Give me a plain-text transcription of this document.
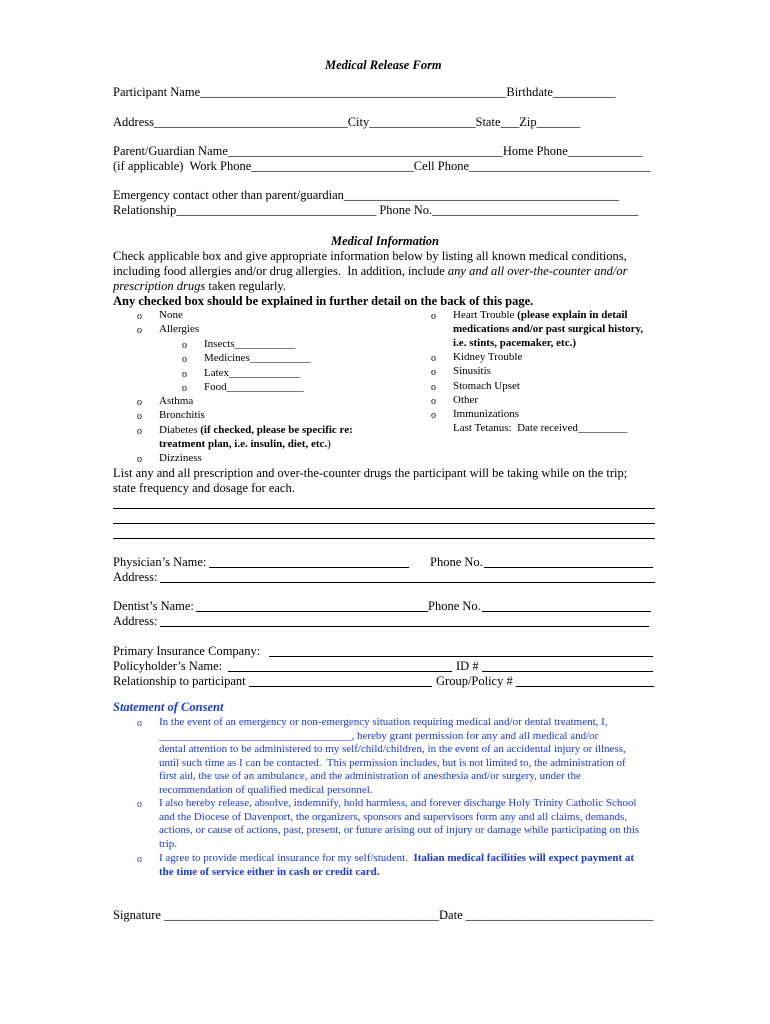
Medical Release Form
Participant Name_________________________________________________Birthdate__________
Address_______________________________City_________________State___Zip_______
Parent/Guardian Name____________________________________________Home Phone____________
(if applicable)  Work Phone__________________________Cell Phone_____________________________
Emergency contact other than parent/guardian____________________________________________
Relationship________________________________ Phone No._________________________________
Medical Information
Check applicable box and give appropriate information below by listing all known medical conditions,
including food allergies and/or drug allergies.  In addition, include any and all over-the-counter and/or
prescription drugs taken regularly.
Any checked box should be explained in further detail on the back of this page.
o None
o Allergies
o Insects___________
o Medicines___________
o Latex_____________
o Food______________
o Asthma
o Bronchitis
o Diabetes (if checked, please be specific re:
treatment plan, i.e. insulin, diet, etc.)
o Dizziness
o Heart Trouble (please explain in detail
medications and/or past surgical history,
i.e. stints, pacemaker, etc.)
o Kidney Trouble
o Sinusitis
o Stomach Upset
o Other
o Immunizations
Last Tetanus:  Date received_________
List any and all prescription and over-the-counter drugs the participant will be taking while on the trip;
state frequency and dosage for each.
Physician’s Name:	Phone No.
Address:
Dentist’s Name:	Phone No.
Address:
Primary Insurance Company:
Policyholder’s Name:	ID #
Relationship to participant	Group/Policy #
Statement of Consent
o In the event of an emergency or non-emergency situation requiring medical and/or dental treatment, I,
___________________________________, hereby grant permission for any and all medical and/or
dental attention to be administered to my self/child/children, in the event of an accidental injury or illness,
until such time as I can be contacted.  This permission includes, but is not limited to, the administration of
first aid, the use of an ambulance, and the administration of anesthesia and/or surgery, under the
recommendation of qualified medical personnel.
o I also hereby release, absolve, indemnify, hold harmless, and forever discharge Holy Trinity Catholic School
and the Diocese of Davenport, the organizers, sponsors and supervisors form any and all claims, demands,
actions, or cause of actions, past, present, or future arising out of injury or damage while participating on this
trip.
o I agree to provide medical insurance for my self/student.  Italian medical facilities will expect payment at
the time of service either in cash or credit card.
Signature ____________________________________________Date ______________________________
